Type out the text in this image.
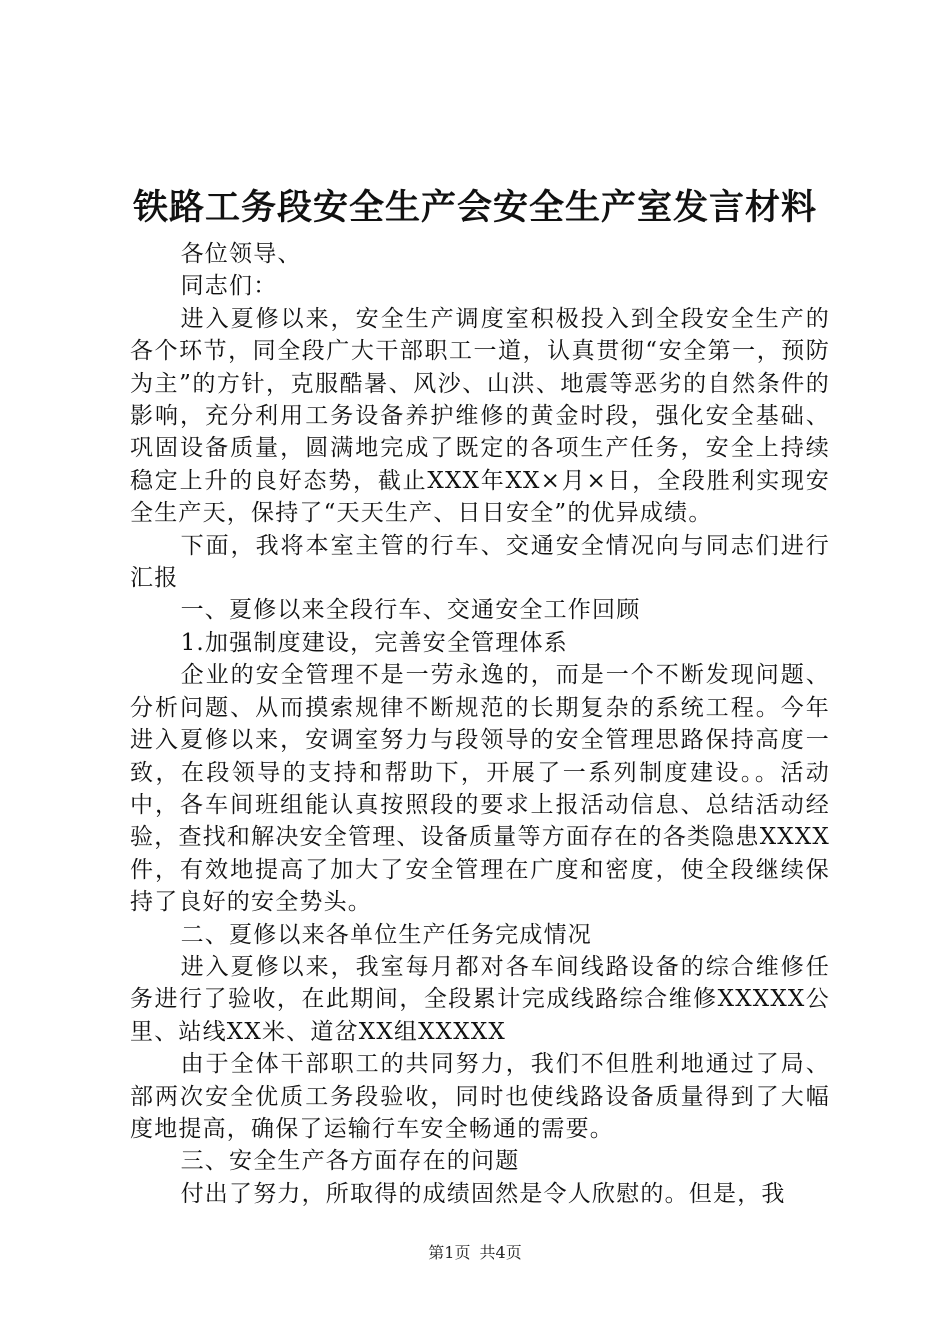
铁路工务段安全生产会安全生产室发言材料

各位领导、

同志们：

进入夏修以来，安全生产调度室积极投入到全段安全生产的各个环节，同全段广大干部职工一道，认真贯彻“安全第一，预防为主”的方针，克服酷暑、风沙、山洪、地震等恶劣的自然条件的影响，充分利用工务设备养护维修的黄金时段，强化安全基础、巩固设备质量，圆满地完成了既定的各项生产任务，安全上持续稳定上升的良好态势，截止XXX年XX×月×日，全段胜利实现安全生产天，保持了“天天生产、日日安全”的优异成绩。

下面，我将本室主管的行车、交通安全情况向与同志们进行汇报

一、夏修以来全段行车、交通安全工作回顾

1.加强制度建设，完善安全管理体系

企业的安全管理不是一劳永逸的，而是一个不断发现问题、分析问题、从而摸索规律不断规范的长期复杂的系统工程。今年进入夏修以来，安调室努力与段领导的安全管理思路保持高度一致，在段领导的支持和帮助下，开展了一系列制度建设。。活动中，各车间班组能认真按照段的要求上报活动信息、总结活动经验，查找和解决安全管理、设备质量等方面存在的各类隐患XXXX件，有效地提高了加大了安全管理在广度和密度，使全段继续保持了良好的安全势头。

二、夏修以来各单位生产任务完成情况

进入夏修以来，我室每月都对各车间线路设备的综合维修任务进行了验收，在此期间，全段累计完成线路综合维修XXXXX公里、站线XX米、道岔XX组XXXXX

由于全体干部职工的共同努力，我们不但胜利地通过了局、部两次安全优质工务段验收，同时也使线路设备质量得到了大幅度地提高，确保了运输行车安全畅通的需要。

三、安全生产各方面存在的问题

付出了努力，所取得的成绩固然是令人欣慰的。但是，我

第1页 共4页
